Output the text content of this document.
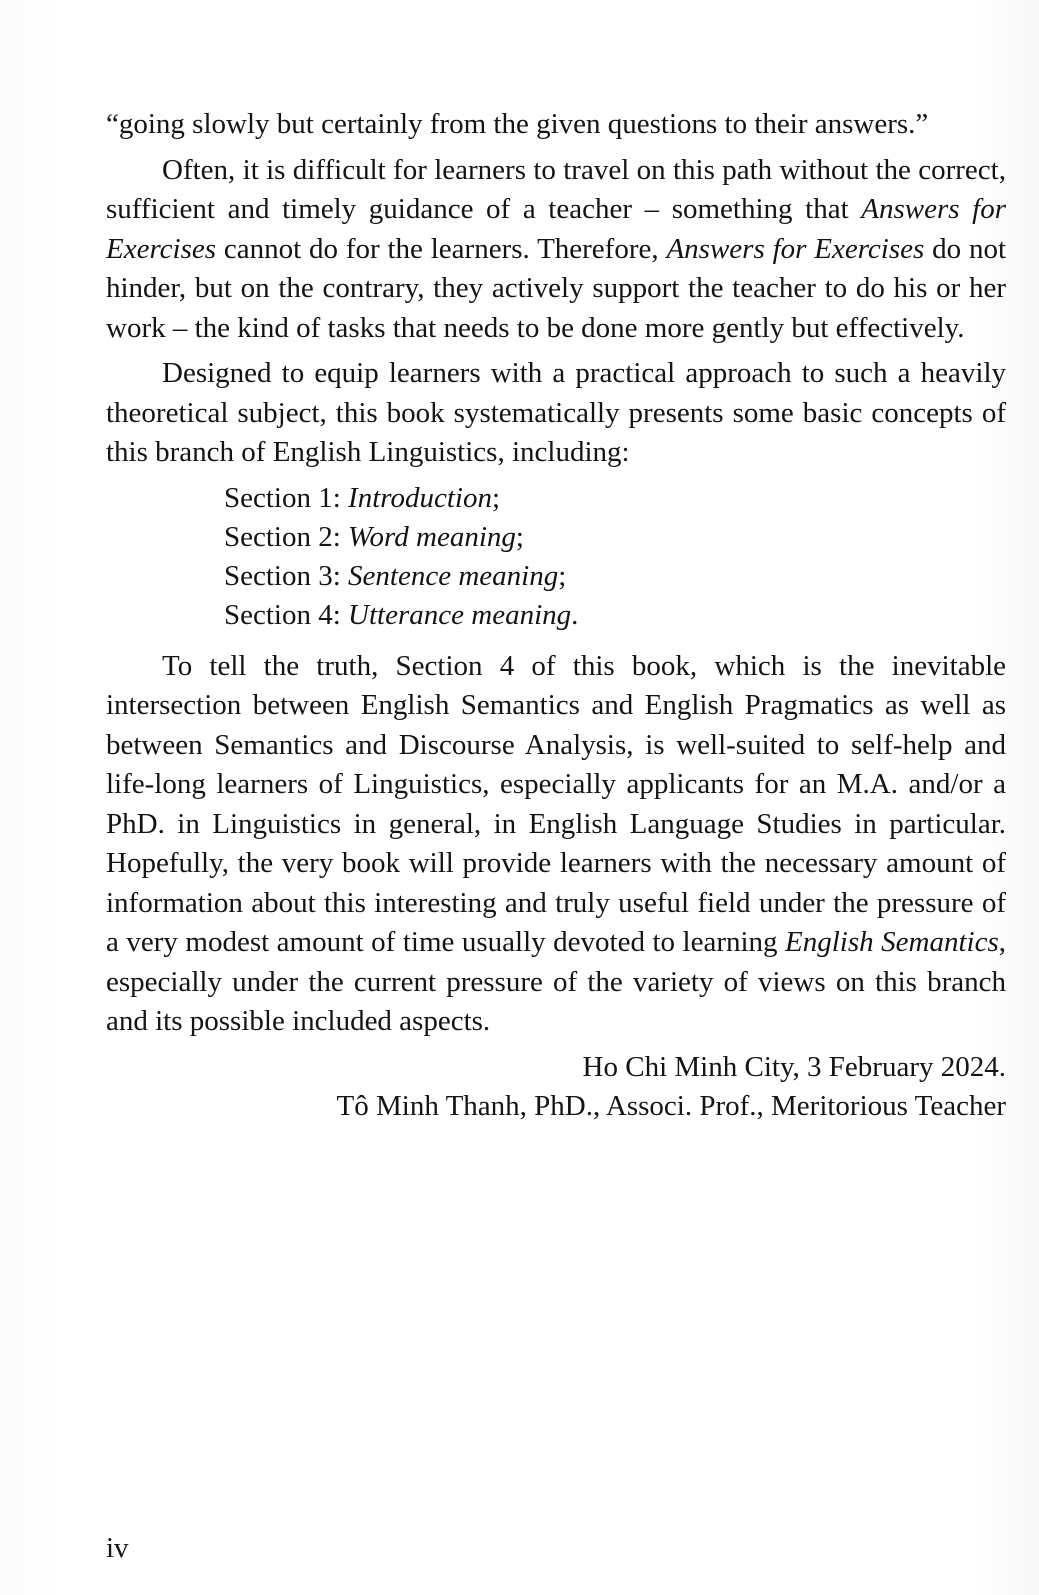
“going slowly but certainly from the given questions to their answers.”

Often, it is difficult for learners to travel on this path without the correct, sufficient and timely guidance of a teacher – something that Answers for Exercises cannot do for the learners. Therefore, Answers for Exercises do not hinder, but on the contrary, they actively support the teacher to do his or her work – the kind of tasks that needs to be done more gently but effectively.

Designed to equip learners with a practical approach to such a heavily theoretical subject, this book systematically presents some basic concepts of this branch of English Linguistics, including:

Section 1: Introduction;
Section 2: Word meaning;
Section 3: Sentence meaning;
Section 4: Utterance meaning.

To tell the truth, Section 4 of this book, which is the inevitable intersection between English Semantics and English Pragmatics as well as between Semantics and Discourse Analysis, is well-suited to self-help and life-long learners of Linguistics, especially applicants for an M.A. and/or a PhD. in Linguistics in general, in English Language Studies in particular. Hopefully, the very book will provide learners with the necessary amount of information about this interesting and truly useful field under the pressure of a very modest amount of time usually devoted to learning English Semantics, especially under the current pressure of the variety of views on this branch and its possible included aspects.

Ho Chi Minh City, 3 February 2024.

Tô Minh Thanh, PhD., Associ. Prof., Meritorious Teacher

iv
